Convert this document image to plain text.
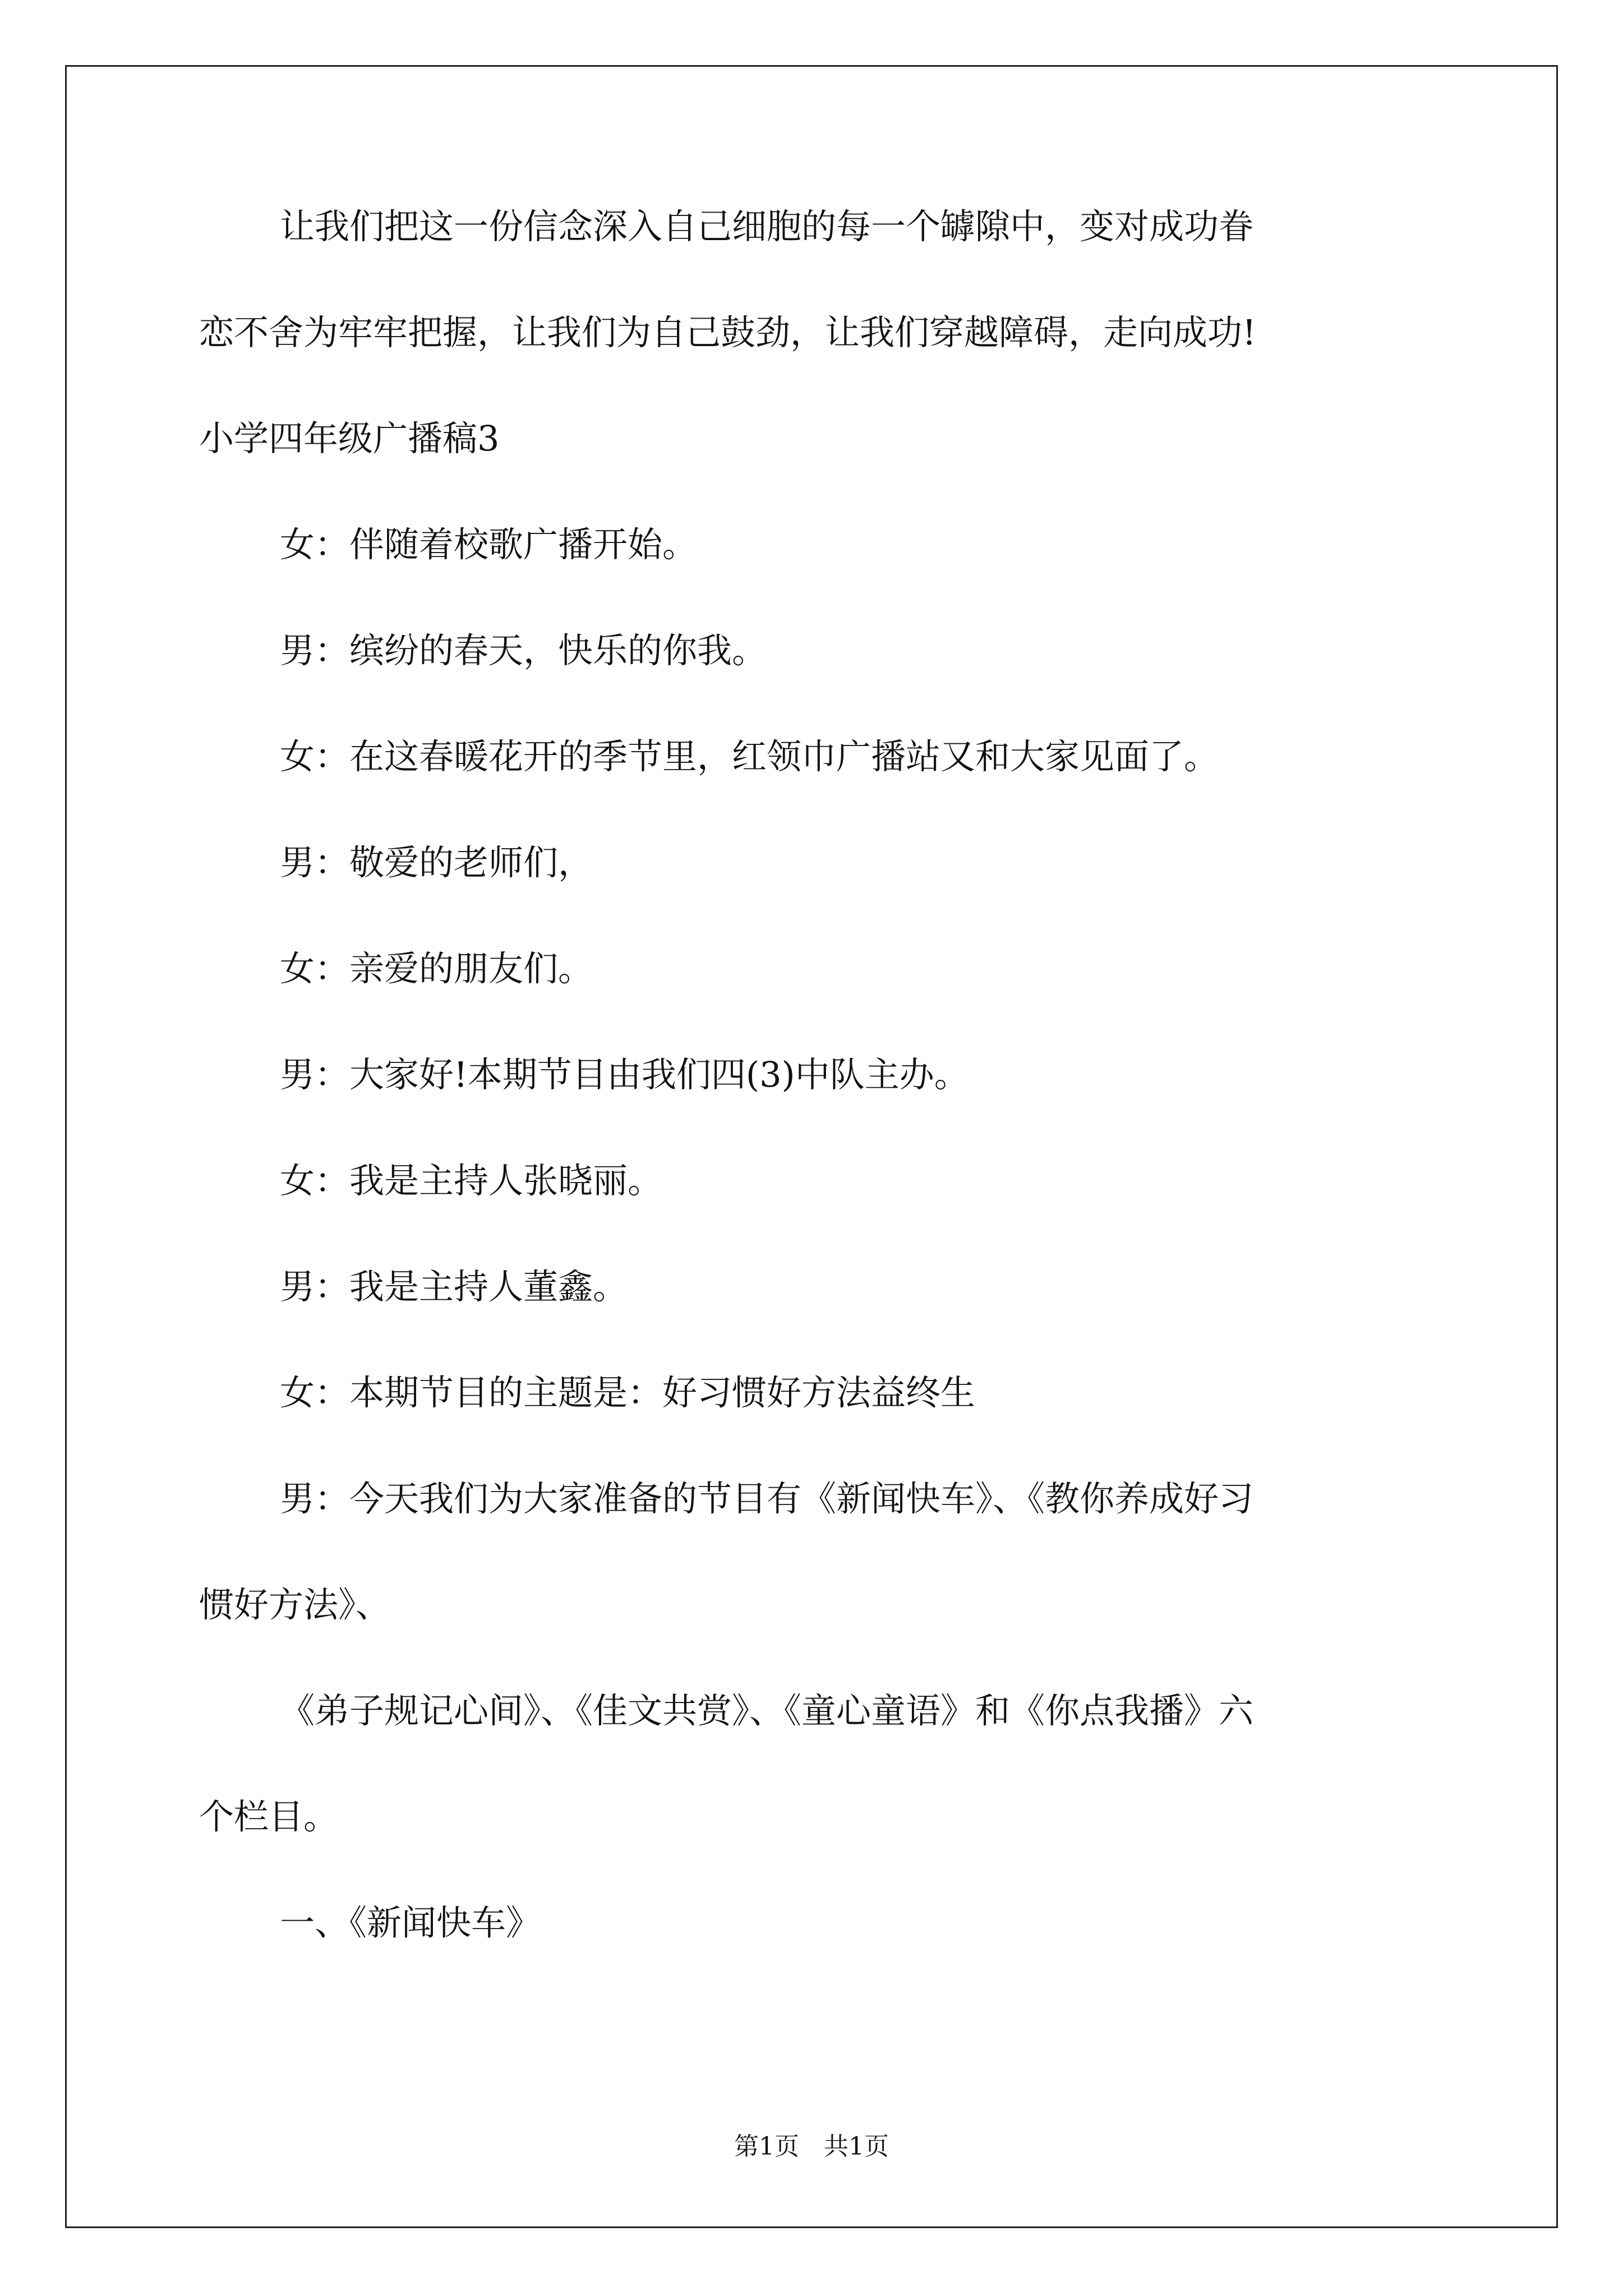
让我们把这一份信念深入自己细胞的每一个罅隙中，变对成功眷
恋不舍为牢牢把握，让我们为自己鼓劲，让我们穿越障碍，走向成功!
小学四年级广播稿3
女：伴随着校歌广播开始。
男：缤纷的春天，快乐的你我。
女：在这春暖花开的季节里，红领巾广播站又和大家见面了。
男：敬爱的老师们，
女：亲爱的朋友们。
男：大家好!本期节目由我们四(3)中队主办。
女：我是主持人张晓丽。
男：我是主持人董鑫。
女：本期节目的主题是：好习惯好方法益终生
男：今天我们为大家准备的节目有《新闻快车》、《教你养成好习
惯好方法》、
《弟子规记心间》、《佳文共赏》、《童心童语》和《你点我播》六
个栏目。
一、《新闻快车》
第1页 共1页
